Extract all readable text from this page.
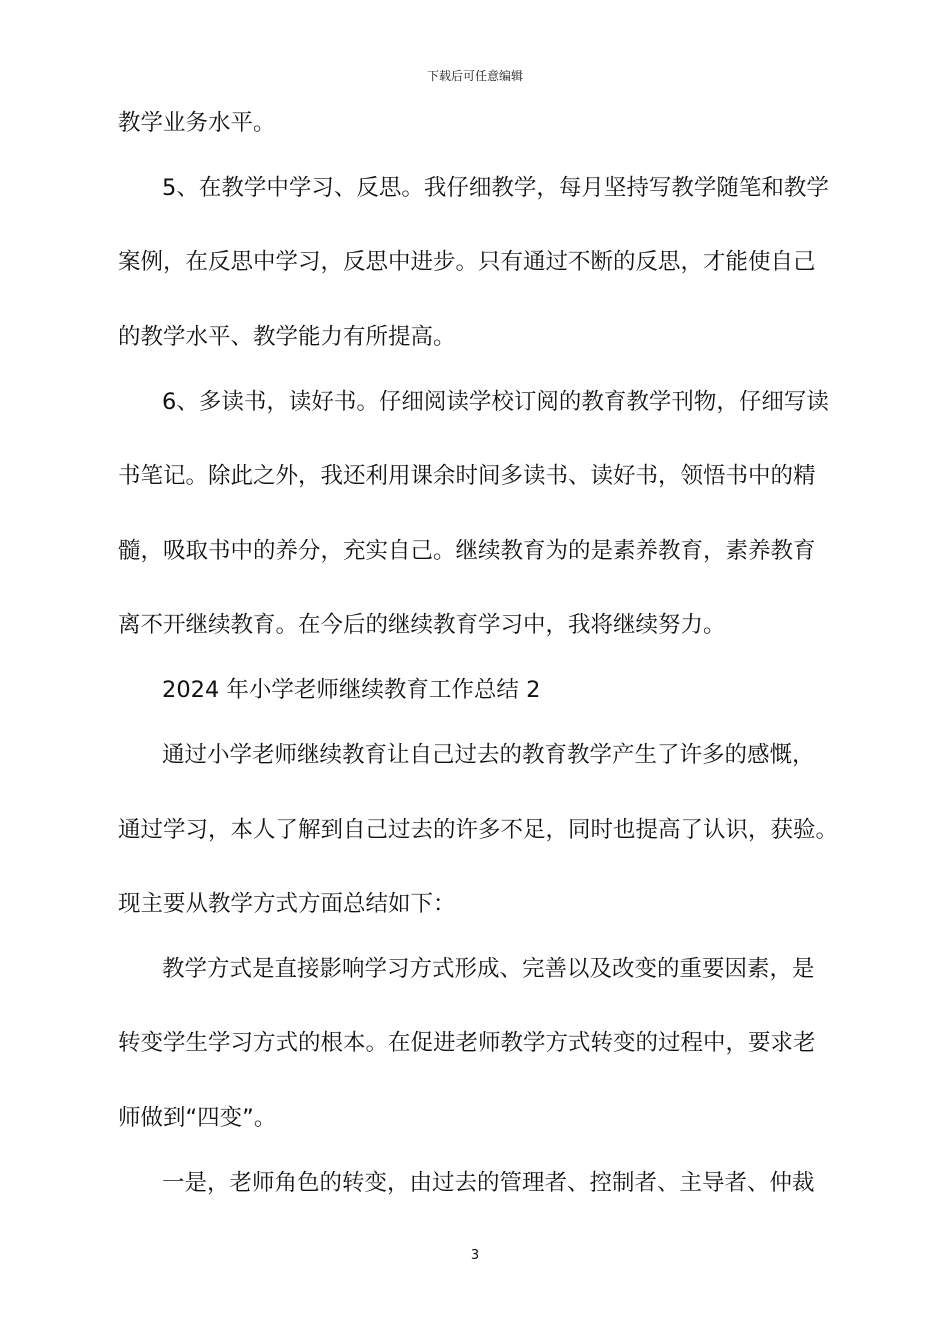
下载后可任意编辑
教学业务水平。
5、在教学中学习、反思。我仔细教学，每月坚持写教学随笔和教学
案例，在反思中学习，反思中进步。只有通过不断的反思，才能使自己
的教学水平、教学能力有所提高。
6、多读书，读好书。仔细阅读学校订阅的教育教学刊物，仔细写读
书笔记。除此之外，我还利用课余时间多读书、读好书，领悟书中的精
髓，吸取书中的养分，充实自己。继续教育为的是素养教育，素养教育
离不开继续教育。在今后的继续教育学习中，我将继续努力。
2024 年小学老师继续教育工作总结 2
通过小学老师继续教育让自己过去的教育教学产生了许多的感慨，
通过学习，本人了解到自己过去的许多不足，同时也提高了认识，获验。
现主要从教学方式方面总结如下：
教学方式是直接影响学习方式形成、完善以及改变的重要因素，是
转变学生学习方式的根本。在促进老师教学方式转变的过程中，要求老
师做到“四变”。
一是，老师角色的转变，由过去的管理者、控制者、主导者、仲裁
3
